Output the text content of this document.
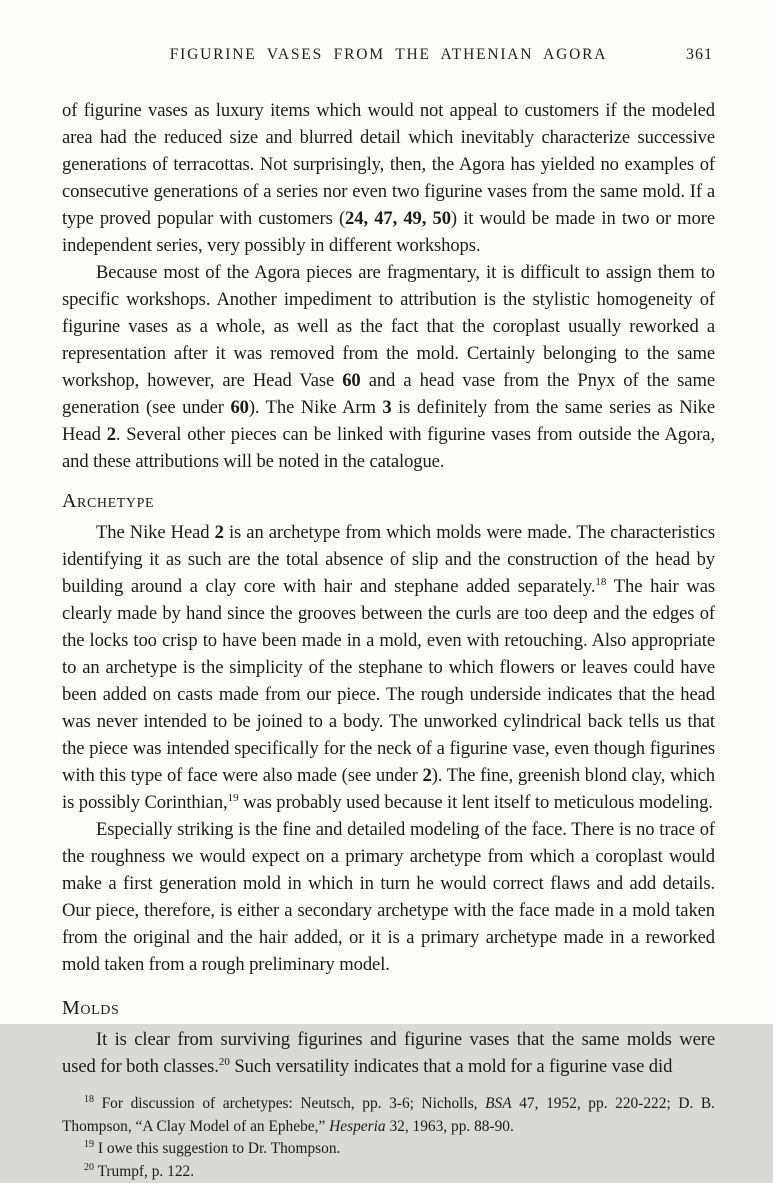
FIGURINE VASES FROM THE ATHENIAN AGORA	361

of figurine vases as luxury items which would not appeal to customers if the modeled area had the reduced size and blurred detail which inevitably characterize successive generations of terracottas. Not surprisingly, then, the Agora has yielded no examples of consecutive generations of a series nor even two figurine vases from the same mold. If a type proved popular with customers (24, 47, 49, 50) it would be made in two or more independent series, very possibly in different workshops.

Because most of the Agora pieces are fragmentary, it is difficult to assign them to specific workshops. Another impediment to attribution is the stylistic homogeneity of figurine vases as a whole, as well as the fact that the coroplast usually reworked a representation after it was removed from the mold. Certainly belonging to the same workshop, however, are Head Vase 60 and a head vase from the Pnyx of the same generation (see under 60). The Nike Arm 3 is definitely from the same series as Nike Head 2. Several other pieces can be linked with figurine vases from outside the Agora, and these attributions will be noted in the catalogue.

Archetype

The Nike Head 2 is an archetype from which molds were made. The characteristics identifying it as such are the total absence of slip and the construction of the head by building around a clay core with hair and stephane added separately.$^{18}$ The hair was clearly made by hand since the grooves between the curls are too deep and the edges of the locks too crisp to have been made in a mold, even with retouching. Also appropriate to an archetype is the simplicity of the stephane to which flowers or leaves could have been added on casts made from our piece. The rough underside indicates that the head was never intended to be joined to a body. The unworked cylindrical back tells us that the piece was intended specifically for the neck of a figurine vase, even though figurines with this type of face were also made (see under 2). The fine, greenish blond clay, which is possibly Corinthian,$^{19}$ was probably used because it lent itself to meticulous modeling.

Especially striking is the fine and detailed modeling of the face. There is no trace of the roughness we would expect on a primary archetype from which a coroplast would make a first generation mold in which in turn he would correct flaws and add details. Our piece, therefore, is either a secondary archetype with the face made in a mold taken from the original and the hair added, or it is a primary archetype made in a reworked mold taken from a rough preliminary model.

Molds

It is clear from surviving figurines and figurine vases that the same molds were used for both classes.$^{20}$ Such versatility indicates that a mold for a figurine vase did

$^{18}$ For discussion of archetypes: Neutsch, pp. 3-6; Nicholls, BSA 47, 1952, pp. 220-222; D. B. Thompson, “A Clay Model of an Ephebe,” Hesperia 32, 1963, pp. 88-90.

$^{19}$ I owe this suggestion to Dr. Thompson.

$^{20}$ Trumpf, p. 122.
